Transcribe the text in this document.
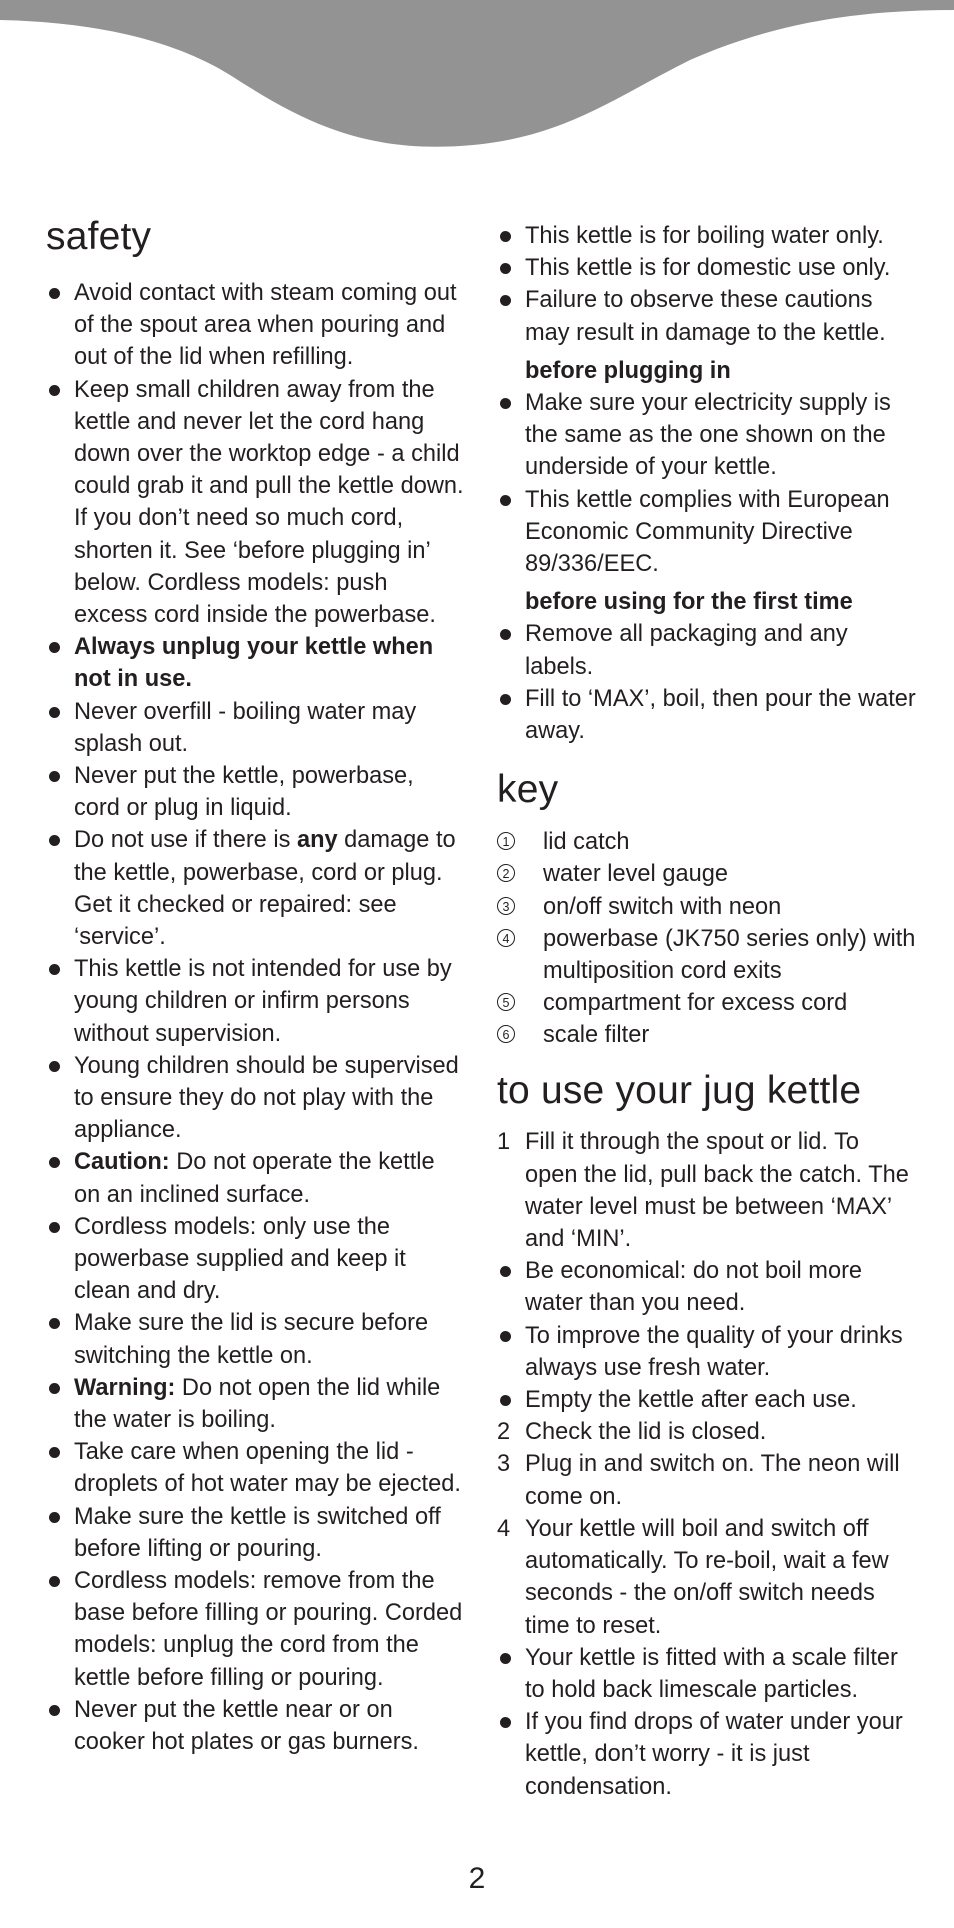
safety
Avoid contact with steam coming out of the spout area when pouring and out of the lid when refilling.
Keep small children away from the kettle and never let the cord hang down over the worktop edge - a child could grab it and pull the kettle down. If you don’t need so much cord, shorten it. See ‘before plugging in’ below. Cordless models: push excess cord inside the powerbase.
Always unplug your kettle when not in use.
Never overfill - boiling water may splash out.
Never put the kettle, powerbase, cord or plug in liquid.
Do not use if there is any damage to the kettle, powerbase, cord or plug. Get it checked or repaired: see ‘service’.
This kettle is not intended for use by young children or infirm persons without supervision.
Young children should be supervised to ensure they do not play with the appliance.
Caution: Do not operate the kettle on an inclined surface.
Cordless models: only use the powerbase supplied and keep it clean and dry.
Make sure the lid is secure before switching the kettle on.
Warning: Do not open the lid while the water is boiling.
Take care when opening the lid - droplets of hot water may be ejected.
Make sure the kettle is switched off before lifting or pouring.
Cordless models: remove from the base before filling or pouring. Corded models: unplug the cord from the kettle before filling or pouring.
Never put the kettle near or on cooker hot plates or gas burners.
This kettle is for boiling water only.
This kettle is for domestic use only.
Failure to observe these cautions may result in damage to the kettle.
before plugging in
Make sure your electricity supply is the same as the one shown on the underside of your kettle.
This kettle complies with European Economic Community Directive 89/336/EEC.
before using for the first time
Remove all packaging and any labels.
Fill to ‘MAX’, boil, then pour the water away.
key
1 lid catch
2 water level gauge
3 on/off switch with neon
4 powerbase (JK750 series only) with multiposition cord exits
5 compartment for excess cord
6 scale filter
to use your jug kettle
1 Fill it through the spout or lid. To open the lid, pull back the catch. The water level must be between ‘MAX’ and ‘MIN’.
Be economical: do not boil more water than you need.
To improve the quality of your drinks always use fresh water.
Empty the kettle after each use.
2 Check the lid is closed.
3 Plug in and switch on. The neon will come on.
4 Your kettle will boil and switch off automatically. To re-boil, wait a few seconds - the on/off switch needs time to reset.
Your kettle is fitted with a scale filter to hold back limescale particles.
If you find drops of water under your kettle, don’t worry - it is just condensation.
2
